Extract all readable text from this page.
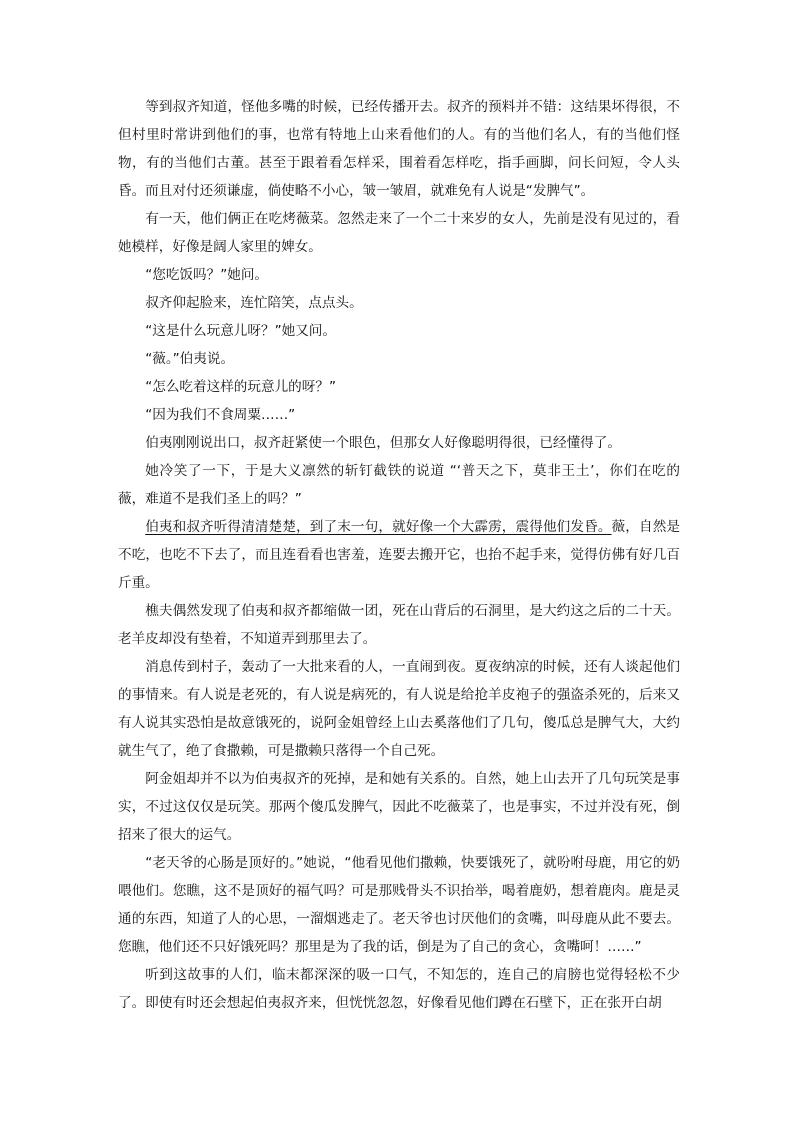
等到叔齐知道，怪他多嘴的时候，已经传播开去。叔齐的预料并不错：这结果坏得很，不但村里时常讲到他们的事，也常有特地上山来看他们的人。有的当他们名人，有的当他们怪物，有的当他们古董。甚至于跟着看怎样采，围着看怎样吃，指手画脚，问长问短，令人头昏。而且对付还须谦虚，倘使略不小心，皱一皱眉，就难免有人说是“发脾气”。

有一天，他们俩正在吃烤薇菜。忽然走来了一个二十来岁的女人，先前是没有见过的，看她模样，好像是阔人家里的婢女。

“您吃饭吗？”她问。

叔齐仰起脸来，连忙陪笑，点点头。

“这是什么玩意儿呀？”她又问。

“薇。”伯夷说。

“怎么吃着这样的玩意儿的呀？”

“因为我们不食周粟……”

伯夷刚刚说出口，叔齐赶紧使一个眼色，但那女人好像聪明得很，已经懂得了。

她冷笑了一下，于是大义凛然的斩钉截铁的说道 “‘普天之下，莫非王土’，你们在吃的薇，难道不是我们圣上的吗？”

伯夷和叔齐听得清清楚楚，到了末一句，就好像一个大霹雳，震得他们发昏。薇，自然是不吃，也吃不下去了，而且连看看也害羞，连要去搬开它，也抬不起手来，觉得仿佛有好几百斤重。

樵夫偶然发现了伯夷和叔齐都缩做一团，死在山背后的石洞里，是大约这之后的二十天。老羊皮却没有垫着，不知道弄到那里去了。

消息传到村子，轰动了一大批来看的人，一直闹到夜。夏夜纳凉的时候，还有人谈起他们的事情来。有人说是老死的，有人说是病死的，有人说是给抢羊皮袍子的强盗杀死的，后来又有人说其实恐怕是故意饿死的，说阿金姐曾经上山去奚落他们了几句，傻瓜总是脾气大，大约就生气了，绝了食撒赖，可是撒赖只落得一个自己死。

阿金姐却并不以为伯夷叔齐的死掉，是和她有关系的。自然，她上山去开了几句玩笑是事实，不过这仅仅是玩笑。那两个傻瓜发脾气，因此不吃薇菜了，也是事实，不过并没有死，倒招来了很大的运气。

“老天爷的心肠是顶好的。”她说，“他看见他们撒赖，快要饿死了，就吩咐母鹿，用它的奶喂他们。您瞧，这不是顶好的福气吗？可是那贱骨头不识抬举，喝着鹿奶，想着鹿肉。鹿是灵通的东西，知道了人的心思，一溜烟逃走了。老天爷也讨厌他们的贪嘴，叫母鹿从此不要去。您瞧，他们还不只好饿死吗？那里是为了我的话，倒是为了自己的贪心，贪嘴呵！……”

听到这故事的人们，临末都深深的吸一口气，不知怎的，连自己的肩膀也觉得轻松不少了。即使有时还会想起伯夷叔齐来，但恍恍忽忽，好像看见他们蹲在石壁下，正在张开白胡
